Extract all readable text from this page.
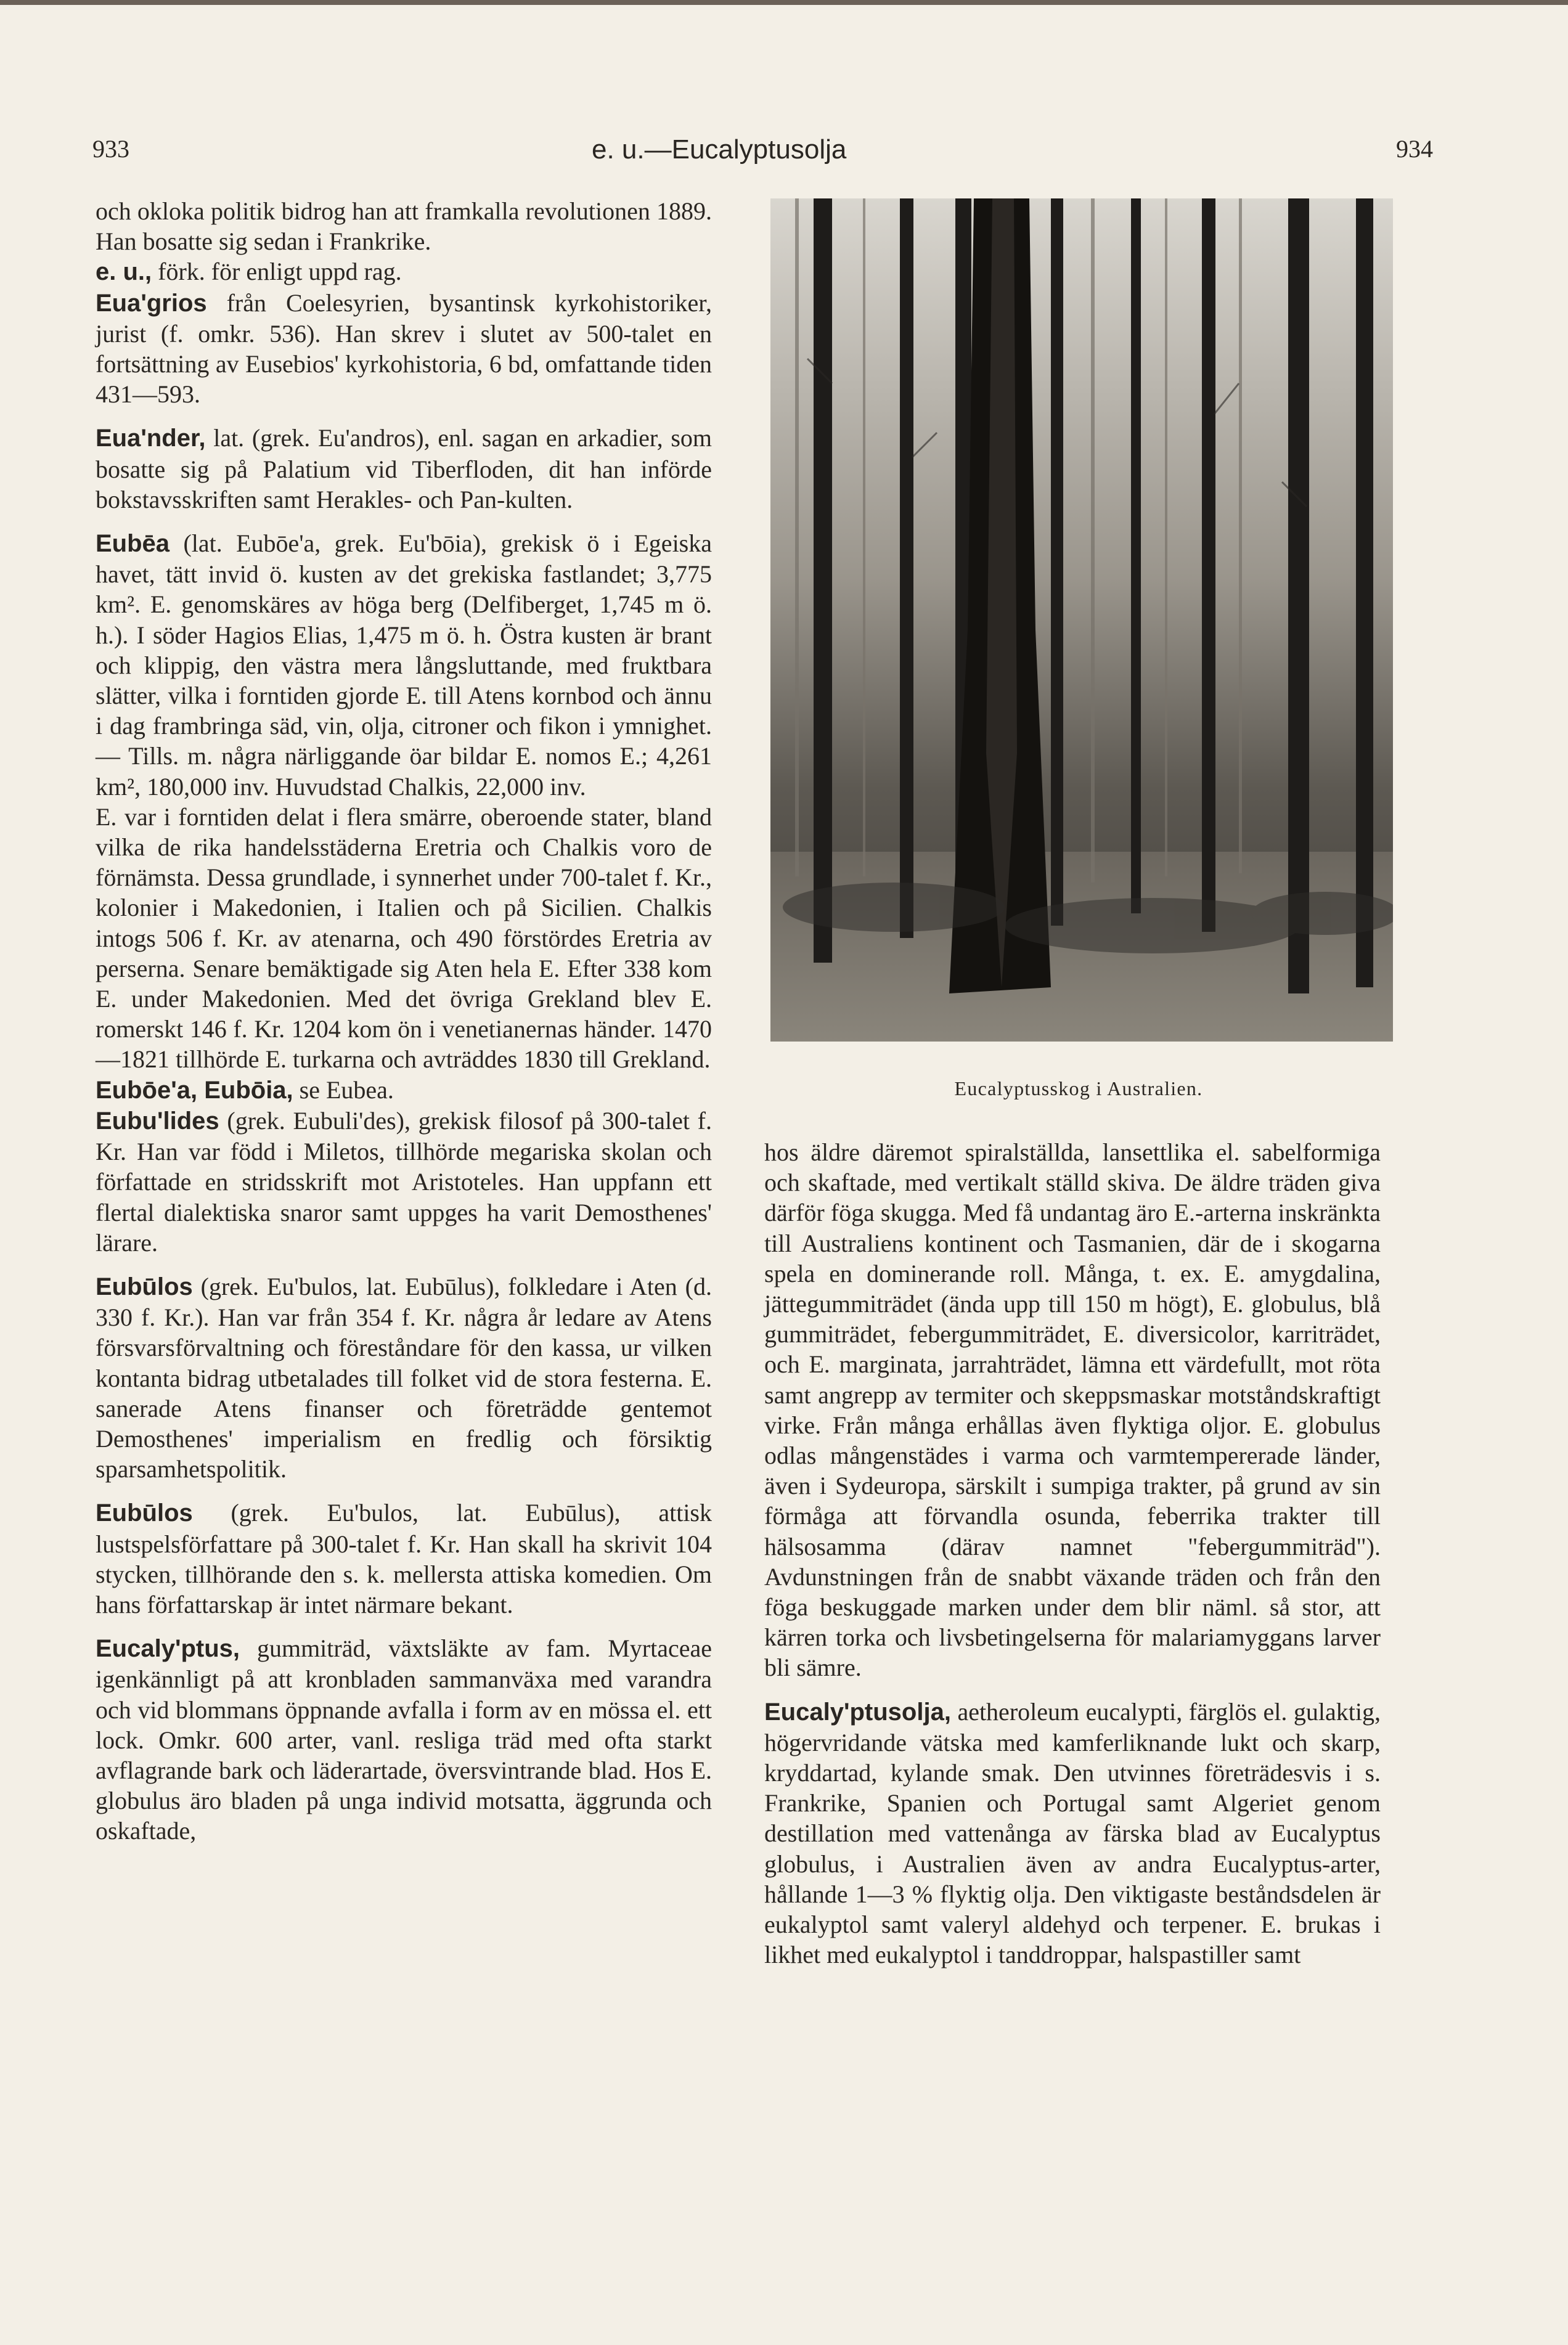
933	e. u.—Eucalyptusolja	934

och okloka politik bidrog han att framkalla revolutionen 1889. Han bosatte sig sedan i Frankrike.

e. u., förk. för enligt uppd rag.

Eua'grios från Coelesyrien, bysantinsk kyrkohistoriker, jurist (f. omkr. 536). Han skrev i slutet av 500-talet en fortsättning av Eusebios' kyrkohistoria, 6 bd, omfattande tiden 431—593.

Eua'nder, lat. (grek. Eu'andros), enl. sagan en arkadier, som bosatte sig på Palatium vid Tiberfloden, dit han införde bokstavsskriften samt Herakles- och Pan-kulten.

Eubēa (lat. Eubōe'a, grek. Eu'bōia), grekisk ö i Egeiska havet, tätt invid ö. kusten av det grekiska fastlandet; 3,775 km². E. genomskäres av höga berg (Delfiberget, 1,745 m ö. h.). I söder Hagios Elias, 1,475 m ö. h. Östra kusten är brant och klippig, den västra mera långsluttande, med fruktbara slätter, vilka i forntiden gjorde E. till Atens kornbod och ännu i dag frambringa säd, vin, olja, citroner och fikon i ymnighet. — Tills. m. några närliggande öar bildar E. nomos E.; 4,261 km², 180,000 inv. Huvudstad Chalkis, 22,000 inv.

E. var i forntiden delat i flera smärre, oberoende stater, bland vilka de rika handelsstäderna Eretria och Chalkis voro de förnämsta. Dessa grundlade, i synnerhet under 700-talet f. Kr., kolonier i Makedonien, i Italien och på Sicilien. Chalkis intogs 506 f. Kr. av atenarna, och 490 förstördes Eretria av perserna. Senare bemäktigade sig Aten hela E. Efter 338 kom E. under Makedonien. Med det övriga Grekland blev E. romerskt 146 f. Kr. 1204 kom ön i venetianernas händer. 1470—1821 tillhörde E. turkarna och avträddes 1830 till Grekland.

Eubōe'a, Eubōia, se Eubea.

Eubu'lides (grek. Eubuli'des), grekisk filosof på 300-talet f. Kr. Han var född i Miletos, tillhörde megariska skolan och författade en stridsskrift mot Aristoteles. Han uppfann ett flertal dialektiska snaror samt uppges ha varit Demosthenes' lärare.

Eubūlos (grek. Eu'bulos, lat. Eubūlus), folkledare i Aten (d. 330 f. Kr.). Han var från 354 f. Kr. några år ledare av Atens försvarsförvaltning och föreståndare för den kassa, ur vilken kontanta bidrag utbetalades till folket vid de stora festerna. E. sanerade Atens finanser och företrädde gentemot Demosthenes' imperialism en fredlig och försiktig sparsamhetspolitik.

Eubūlos (grek. Eu'bulos, lat. Eubūlus), attisk lustspelsförfattare på 300-talet f. Kr. Han skall ha skrivit 104 stycken, tillhörande den s. k. mellersta attiska komedien. Om hans författarskap är intet närmare bekant.

Eucaly'ptus, gummiträd, växtsläkte av fam. Myrtaceae igenkännligt på att kronbladen sammanväxa med varandra och vid blommans öppnande avfalla i form av en mössa el. ett lock. Omkr. 600 arter, vanl. resliga träd med ofta starkt avflagrande bark och läderartade, översvintrande blad. Hos E. globulus äro bladen på unga individ motsatta, äggrunda och oskaftade,

Eucalyptusskog i Australien.

hos äldre däremot spiralställda, lansettlika el. sabelformiga och skaftade, med vertikalt ställd skiva. De äldre träden giva därför föga skugga. Med få undantag äro E.-arterna inskränkta till Australiens kontinent och Tasmanien, där de i skogarna spela en dominerande roll. Många, t. ex. E. amygdalina, jättegummiträdet (ända upp till 150 m högt), E. globulus, blå gummiträdet, febergummiträdet, E. diversicolor, karriträdet, och E. marginata, jarrahträdet, lämna ett värdefullt, mot röta samt angrepp av termiter och skeppsmaskar motståndskraftigt virke. Från många erhållas även flyktiga oljor. E. globulus odlas mångenstädes i varma och varmtempererade länder, även i Sydeuropa, särskilt i sumpiga trakter, på grund av sin förmåga att förvandla osunda, feberrika trakter till hälsosamma (därav namnet "febergummiträd"). Avdunstningen från de snabbt växande träden och från den föga beskuggade marken under dem blir näml. så stor, att kärren torka och livsbetingelserna för malariamyggans larver bli sämre.

Eucaly'ptusolja, aetheroleum eucalypti, färglös el. gulaktig, högervridande vätska med kamferliknande lukt och skarp, kryddartad, kylande smak. Den utvinnes företrädesvis i s. Frankrike, Spanien och Portugal samt Algeriet genom destillation med vattenånga av färska blad av Eucalyptus globulus, i Australien även av andra Eucalyptus-arter, hållande 1—3 % flyktig olja. Den viktigaste beståndsdelen är eukalyptol samt valeryl aldehyd och terpener. E. brukas i likhet med eukalyptol i tanddroppar, halspastiller samt
